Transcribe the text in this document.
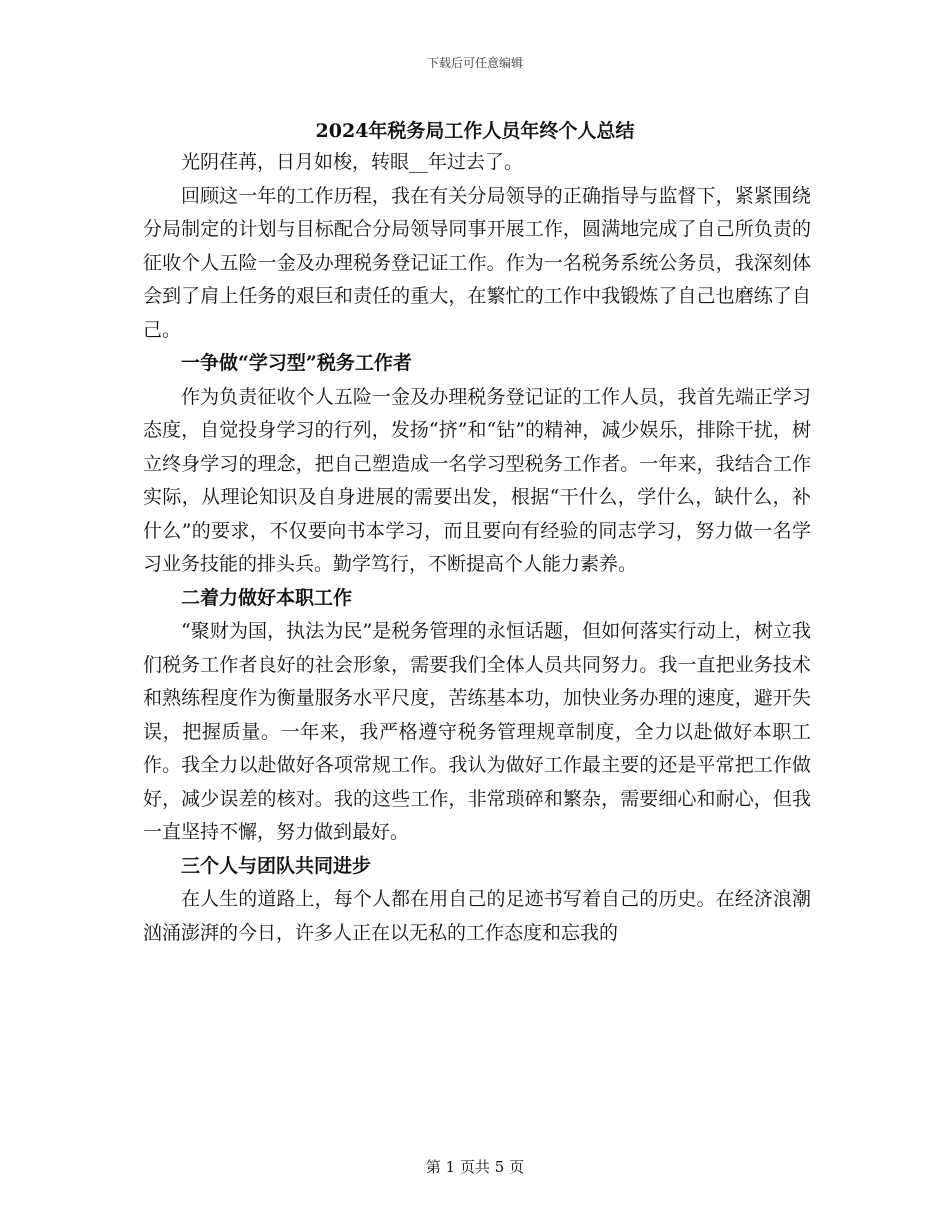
下载后可任意编辑
2024年税务局工作人员年终个人总结

光阴荏苒，日月如梭，转眼__年过去了。

回顾这一年的工作历程，我在有关分局领导的正确指导与监督下，紧紧围绕分局制定的计划与目标配合分局领导同事开展工作，圆满地完成了自己所负责的征收个人五险一金及办理税务登记证工作。作为一名税务系统公务员，我深刻体会到了肩上任务的艰巨和责任的重大，在繁忙的工作中我锻炼了自己也磨练了自己。

一争做“学习型”税务工作者

作为负责征收个人五险一金及办理税务登记证的工作人员，我首先端正学习态度，自觉投身学习的行列，发扬“挤”和“钻”的精神，减少娱乐，排除干扰，树立终身学习的理念，把自己塑造成一名学习型税务工作者。一年来，我结合工作实际，从理论知识及自身进展的需要出发，根据“干什么，学什么，缺什么，补什么”的要求，不仅要向书本学习，而且要向有经验的同志学习，努力做一名学习业务技能的排头兵。勤学笃行，不断提高个人能力素养。

二着力做好本职工作

“聚财为国，执法为民”是税务管理的永恒话题，但如何落实行动上，树立我们税务工作者良好的社会形象，需要我们全体人员共同努力。我一直把业务技术和熟练程度作为衡量服务水平尺度，苦练基本功，加快业务办理的速度，避开失误，把握质量。一年来，我严格遵守税务管理规章制度，全力以赴做好本职工作。我全力以赴做好各项常规工作。我认为做好工作最主要的还是平常把工作做好，减少误差的核对。我的这些工作，非常琐碎和繁杂，需要细心和耐心，但我一直坚持不懈，努力做到最好。

三个人与团队共同进步

在人生的道路上，每个人都在用自己的足迹书写着自己的历史。在经济浪潮汹涌澎湃的今日，许多人正在以无私的工作态度和忘我的

第 1 页共 5 页
